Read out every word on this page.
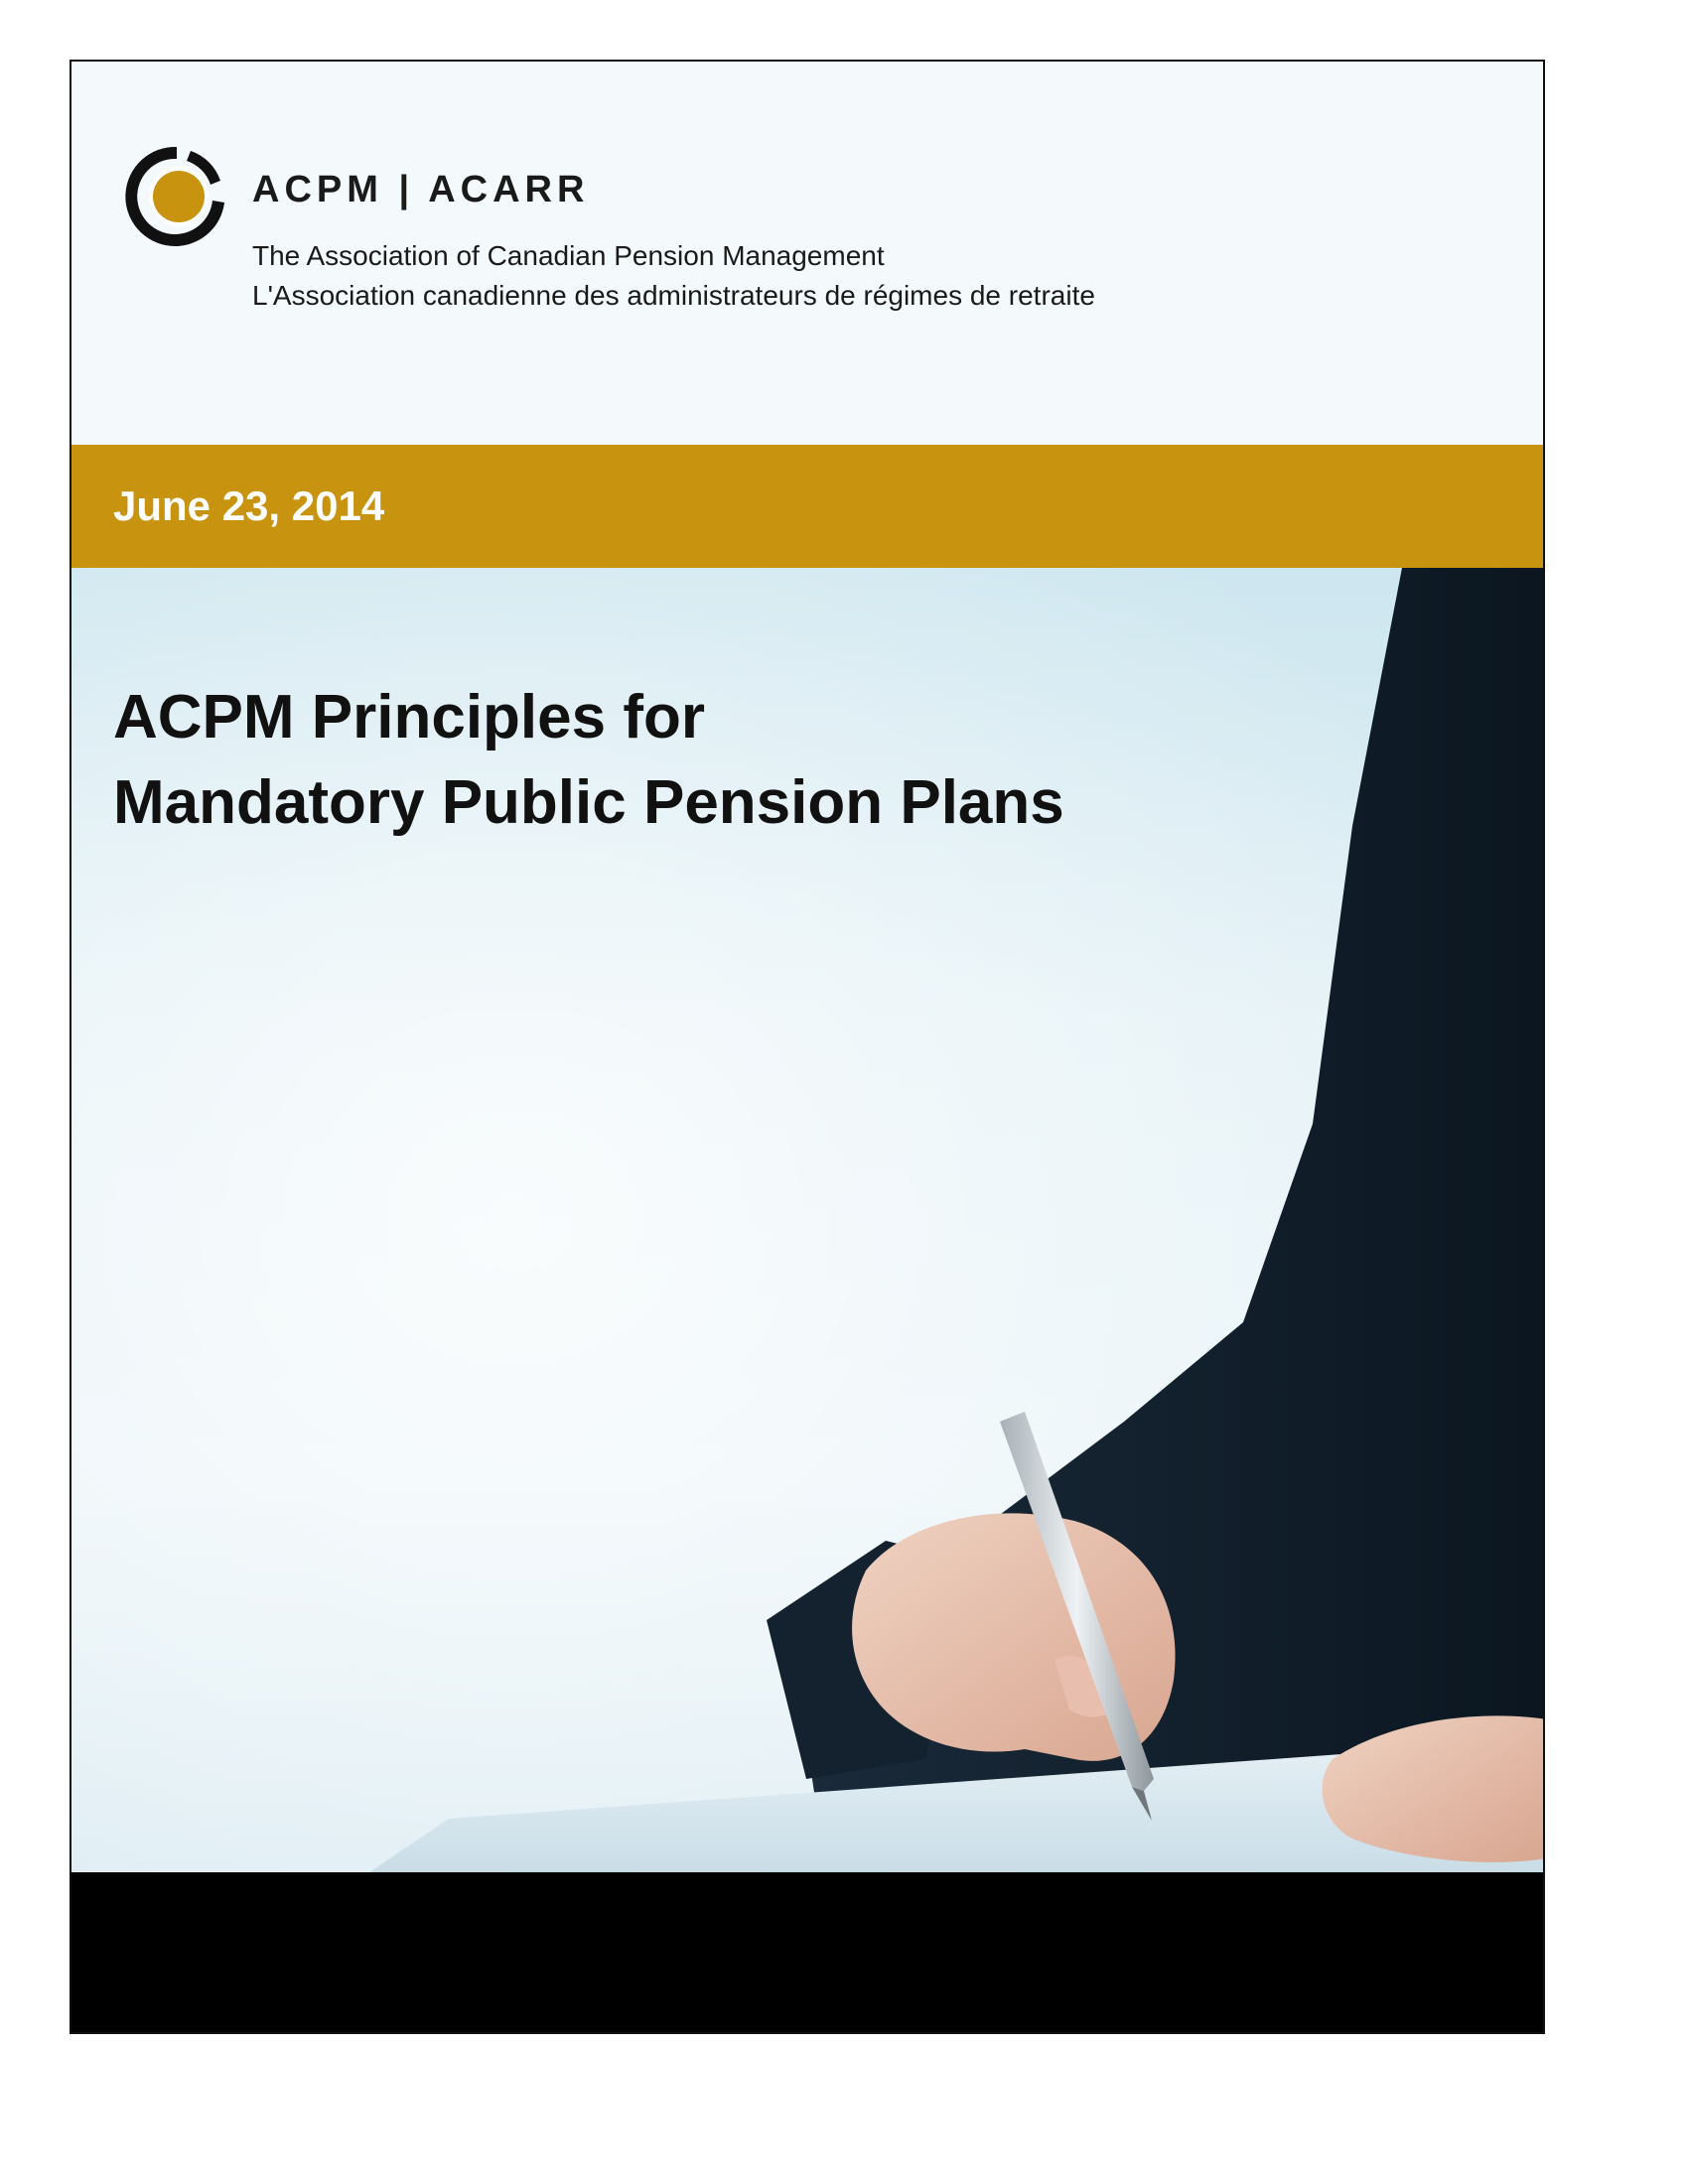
ACPM | ACARR
The Association of Canadian Pension Management
L'Association canadienne des administrateurs de régimes de retraite
June 23, 2014
ACPM Principles for
Mandatory Public Pension Plans
